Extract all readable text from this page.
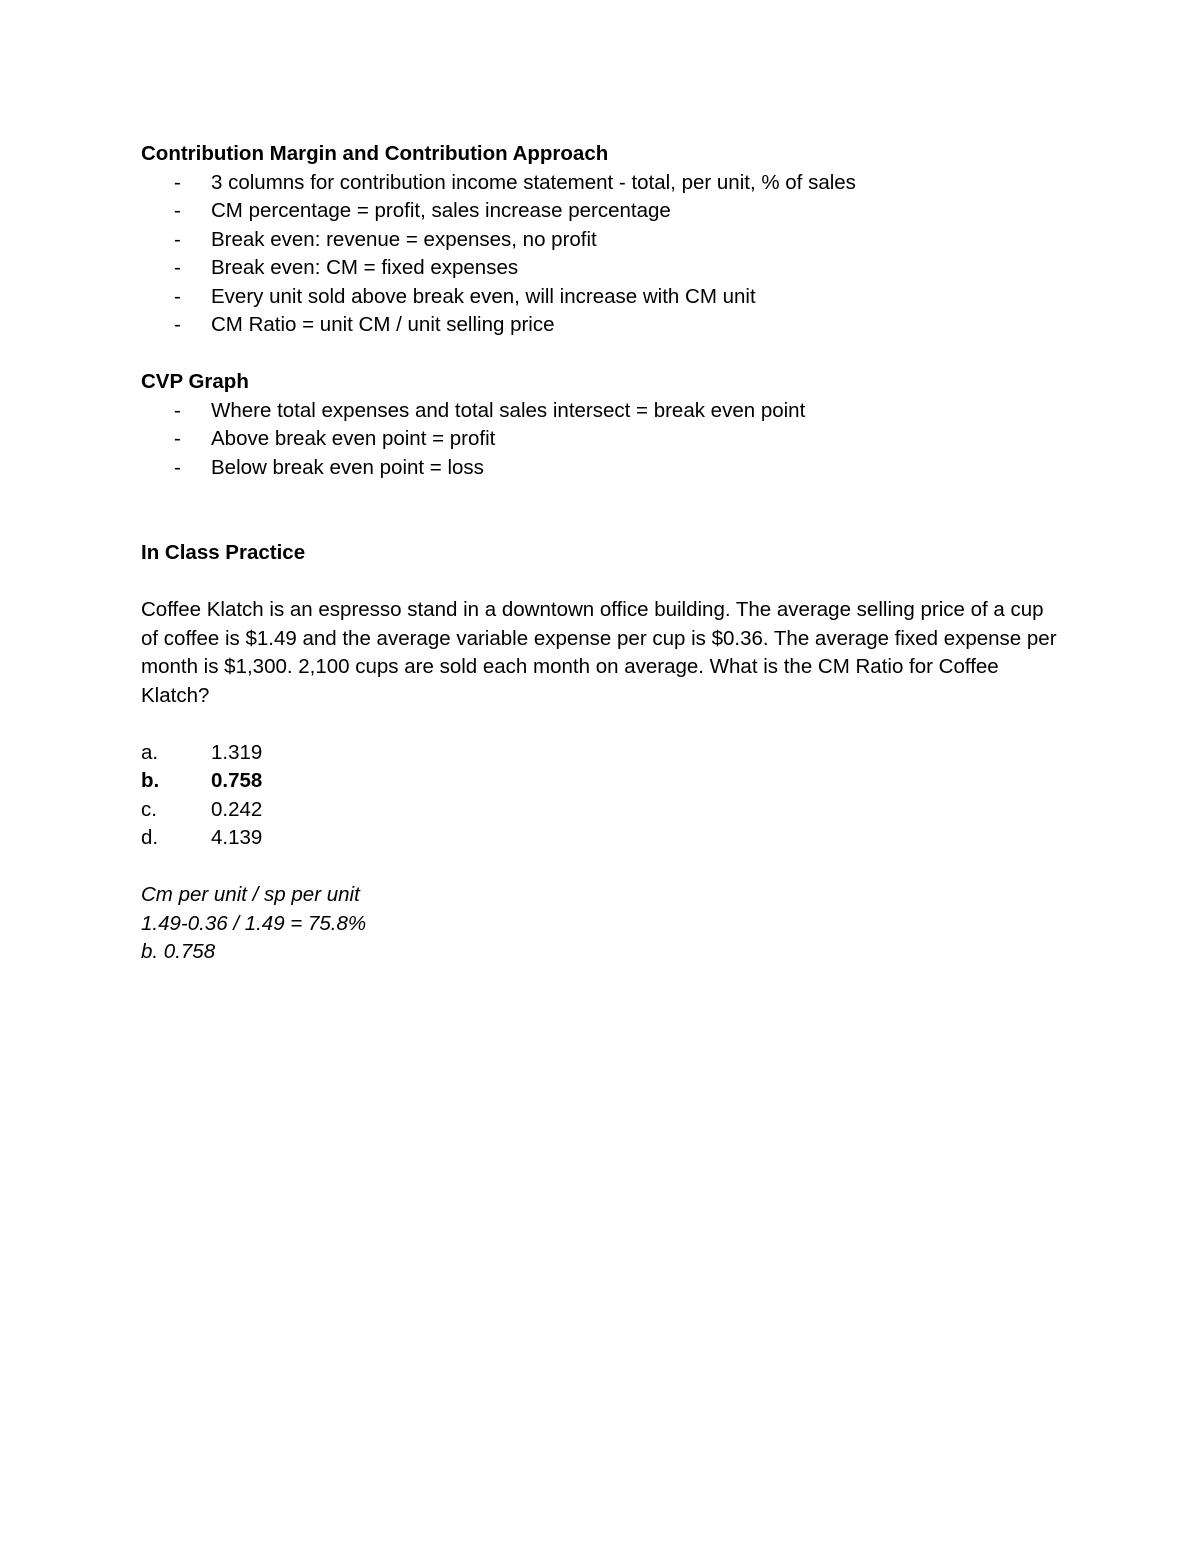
Contribution Margin and Contribution Approach

- 3 columns for contribution income statement - total, per unit, % of sales
- CM percentage = profit, sales increase percentage
- Break even: revenue = expenses, no profit
- Break even: CM = fixed expenses
- Every unit sold above break even, will increase with CM unit
- CM Ratio = unit CM / unit selling price

CVP Graph

- Where total expenses and total sales intersect = break even point
- Above break even point = profit
- Below break even point = loss

In Class Practice

Coffee Klatch is an espresso stand in a downtown office building. The average selling price of a cup of coffee is $1.49 and the average variable expense per cup is $0.36. The average fixed expense per month is $1,300. 2,100 cups are sold each month on average. What is the CM Ratio for Coffee Klatch?

a.	1.319
b.	0.758
c.	0.242
d.	4.139

Cm per unit / sp per unit

1.49-0.36 / 1.49 = 75.8%

b. 0.758
